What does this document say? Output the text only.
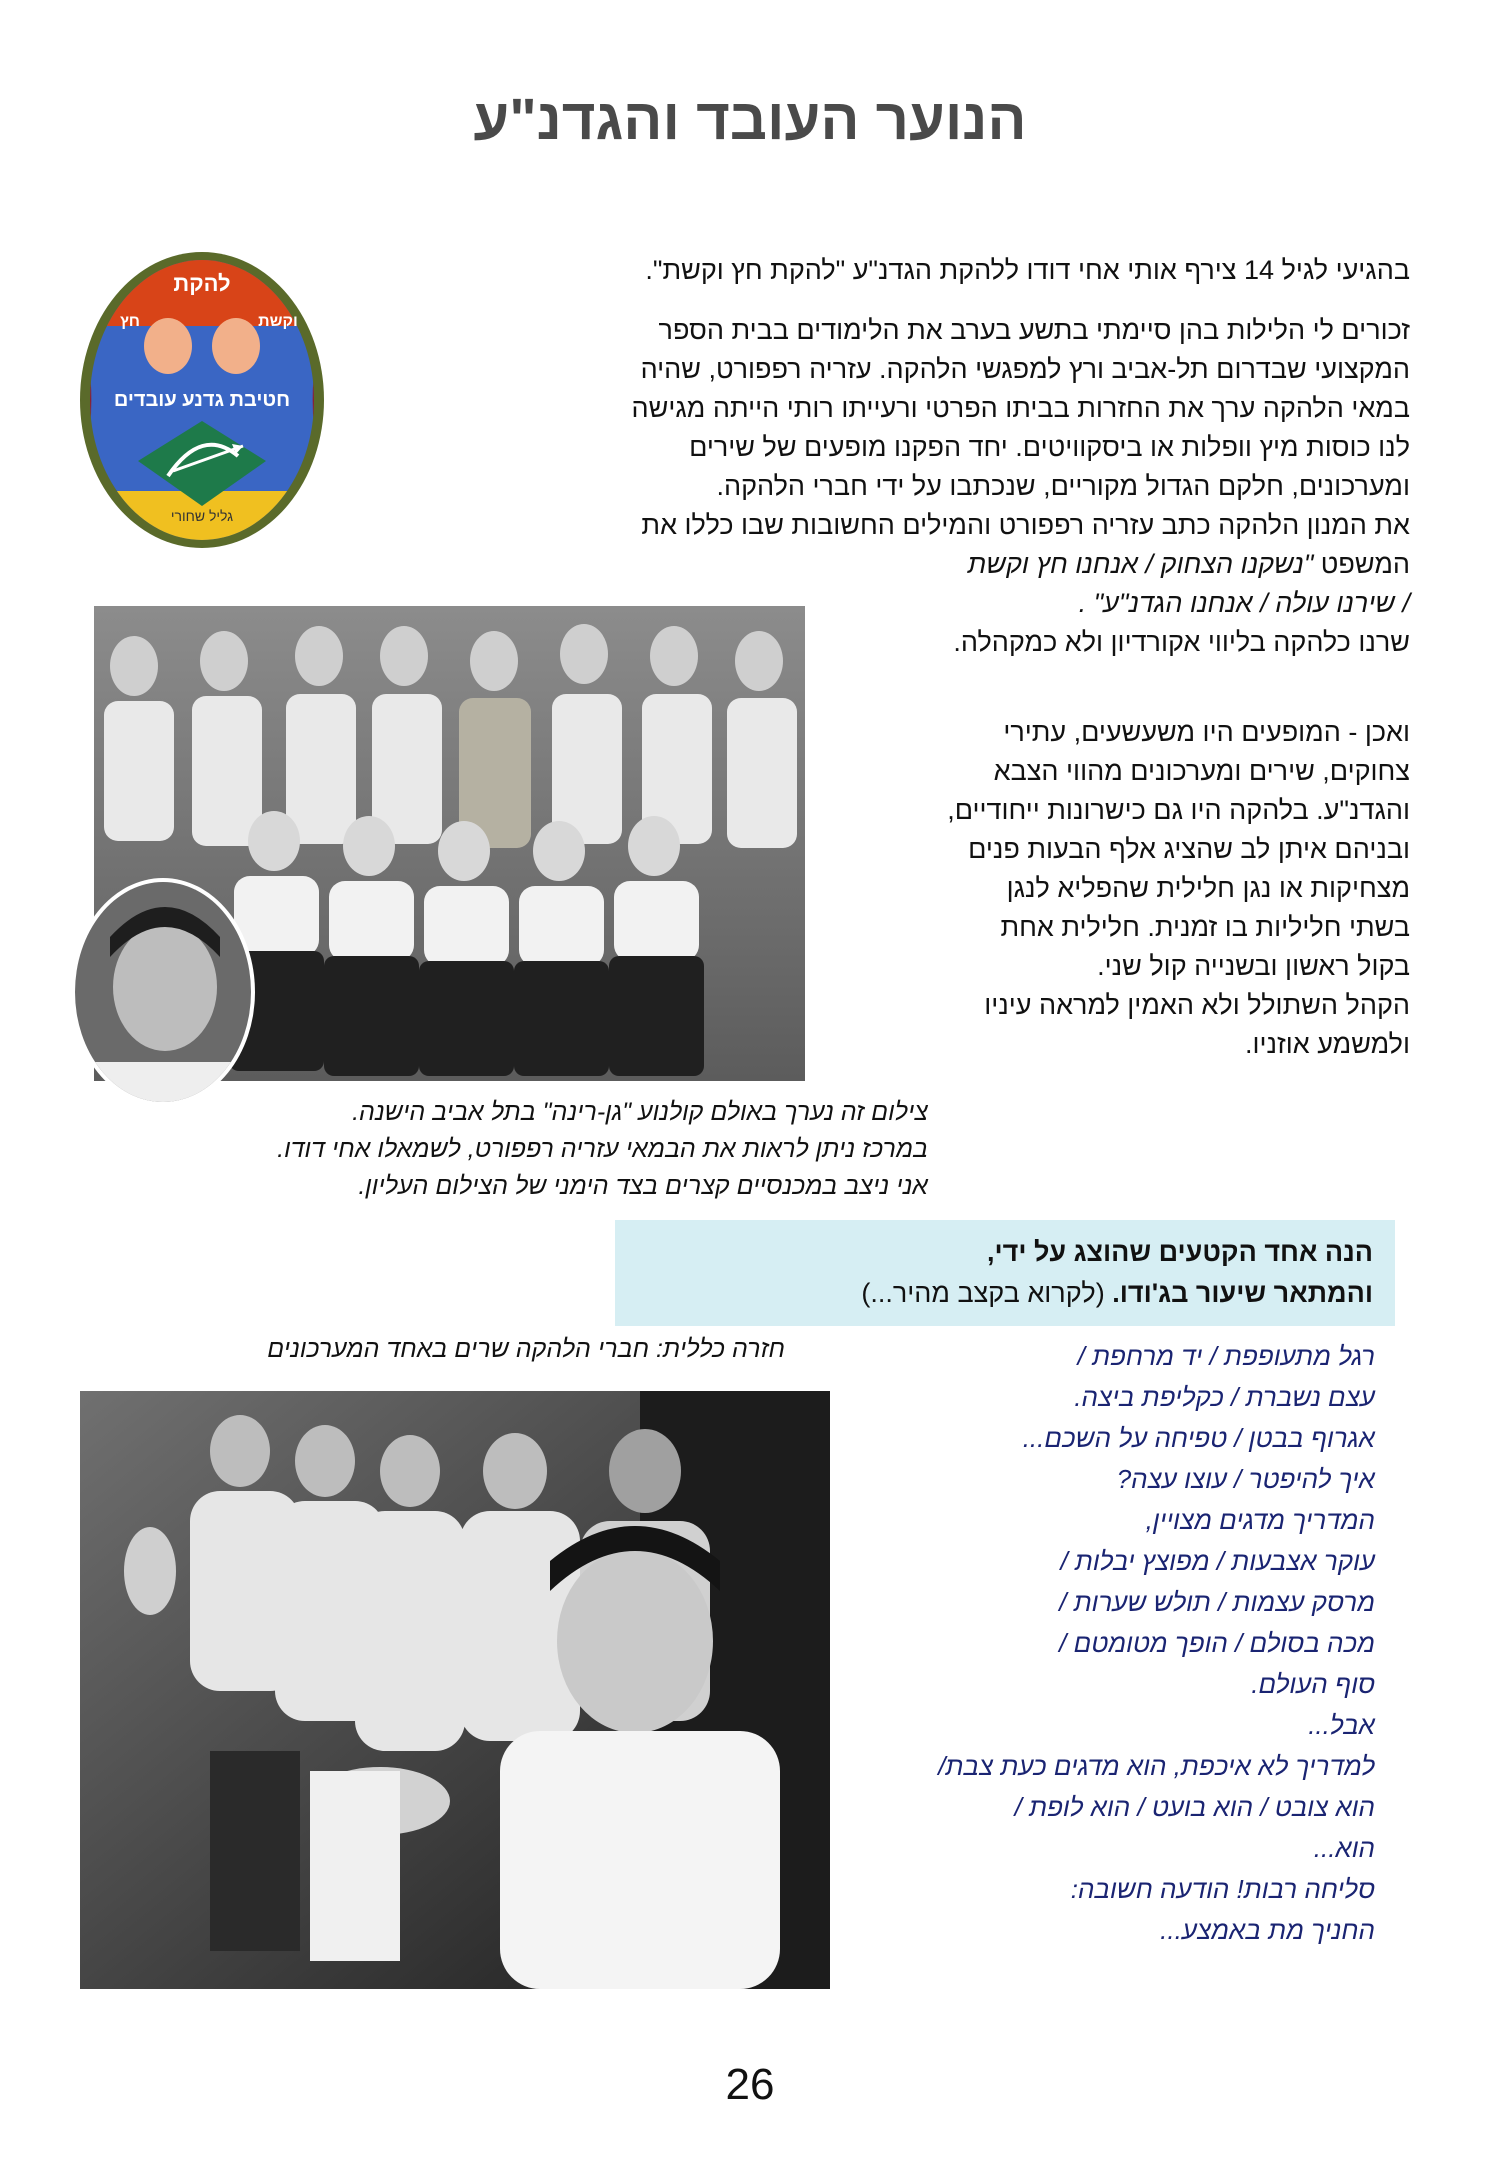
הנוער העובד והגדנ"ע
להקת
וקשת
חץ
חטיבת גדנע עובדים
גליל שחורי

בהגיעי לגיל 14 צירף אותי אחי דודו ללהקת הגדנ"ע "להקת חץ וקשת".

זכורים לי הלילות בהן סיימתי בתשע בערב את הלימודים בבית הספר

המקצועי שבדרום תל-אביב ורץ למפגשי הלהקה. עזריה רפפורט, שהיה

במאי הלהקה ערך את החזרות בביתו הפרטי ורעייתו רותי הייתה מגישה

לנו כוסות מיץ וופלות או ביסקוויטים. יחד הפקנו מופעים של שירים

ומערכונים, חלקם הגדול מקוריים, שנכתבו על ידי חברי הלהקה.

את המנון הלהקה כתב עזריה רפפורט והמילים החשובות שבו כללו את

המשפט "נשקנו הצחוק / אנחנו חץ וקשת

/ שירנו עולה / אנחנו הגדנ"ע" .

שרנו כלהקה בליווי אקורדיון ולא כמקהלה.

ואכן - המופעים היו משעשעים, עתירי

צחוקים, שירים ומערכונים מהווי הצבא

והגדנ"ע. בלהקה היו גם כישרונות ייחודיים,

ובניהם איתן לב שהציג אלף הבעות פנים

מצחיקות או נגן חלילית שהפליא לנגן

בשתי חליליות בו זמנית. חלילית אחת

בקול ראשון ובשנייה קול שני.

הקהל השתולל ולא האמין למראה עיניו

ולמשמע אוזניו.

צילום זה נערך באולם קולנוע "גן-רינה" בתל אביב הישנה.
במרכז ניתן לראות את הבמאי עזריה רפפורט, לשמאלו אחי דודו.
אני ניצב במכנסיים קצרים בצד הימני של הצילום העליון.
הנה אחד הקטעים שהוצג על ידי,
והמתאר שיעור בג'ודו. (לקרוא בקצב מהיר...)
חזרה כללית: חברי הלהקה שרים באחד המערכונים	רגל מתעופפת / יד מרחפת /
עצם נשברת / כקליפת ביצה.
אגרוף בבטן / טפיחה על השכם...
איך להיפטר / עוצו עצה?
המדריך מדגים מצויין,
עוקר אצבעות / מפוצץ יבלות /
מרסק עצמות / תולש שערות /
מכה בסולם / הופך מטומטם /
סוף העולם.
אבל...
למדריך לא איכפת, הוא מדגים כעת צבת/
הוא צובט / הוא בועט / הוא לופת /
הוא...
סליחה רבות! הודעה חשובה:
החניך מת באמצע...
26
